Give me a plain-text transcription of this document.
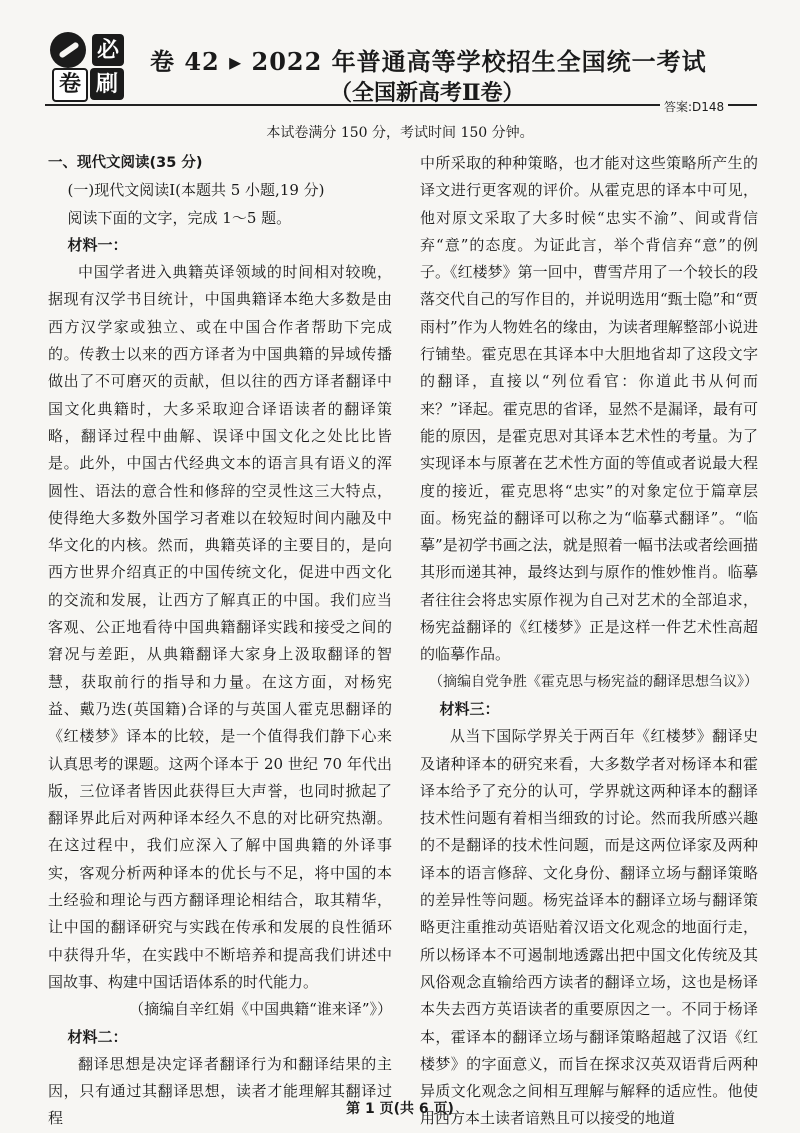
必
卷 刷
卷 42 ▸ 2022 年普通高等学校招生全国统一考试
（全国新高考Ⅱ卷）
答案:D148
本试卷满分 150 分，考试时间 150 分钟。

一、现代文阅读(35 分)

(一)现代文阅读Ⅰ(本题共 5 小题,19 分)

阅读下面的文字，完成 1～5 题。

材料一：

中国学者进入典籍英译领域的时间相对较晚，据现有汉学书目统计，中国典籍译本绝大多数是由西方汉学家或独立、或在中国合作者帮助下完成的。传教士以来的西方译者为中国典籍的异域传播做出了不可磨灭的贡献，但以往的西方译者翻译中国文化典籍时，大多采取迎合译语读者的翻译策略，翻译过程中曲解、误译中国文化之处比比皆是。此外，中国古代经典文本的语言具有语义的浑圆性、语法的意合性和修辞的空灵性这三大特点，使得绝大多数外国学习者难以在较短时间内融及中华文化的内核。然而，典籍英译的主要目的，是向西方世界介绍真正的中国传统文化，促进中西文化的交流和发展，让西方了解真正的中国。我们应当客观、公正地看待中国典籍翻译实践和接受之间的窘况与差距，从典籍翻译大家身上汲取翻译的智慧，获取前行的指导和力量。在这方面，对杨宪益、戴乃迭(英国籍)合译的与英国人霍克思翻译的《红楼梦》译本的比较，是一个值得我们静下心来认真思考的课题。这两个译本于 20 世纪 70 年代出版，三位译者皆因此获得巨大声誉，也同时掀起了翻译界此后对两种译本经久不息的对比研究热潮。在这过程中，我们应深入了解中国典籍的外译事实，客观分析两种译本的优长与不足，将中国的本土经验和理论与西方翻译理论相结合，取其精华，让中国的翻译研究与实践在传承和发展的良性循环中获得升华，在实践中不断培养和提高我们讲述中国故事、构建中国话语体系的时代能力。

（摘编自辛红娟《中国典籍“谁来译”》）

材料二：

翻译思想是决定译者翻译行为和翻译结果的主因，只有通过其翻译思想，读者才能理解其翻译过程

中所采取的种种策略，也才能对这些策略所产生的译文进行更客观的评价。从霍克思的译本中可见，他对原文采取了大多时候“忠实不渝”、间或背信弃“意”的态度。为证此言，举个背信弃“意”的例子。《红楼梦》第一回中，曹雪芹用了一个较长的段落交代自己的写作目的，并说明选用“甄士隐”和“贾雨村”作为人物姓名的缘由，为读者理解整部小说进行铺垫。霍克思在其译本中大胆地省却了这段文字的翻译，直接以“列位看官：你道此书从何而来？”译起。霍克思的省译，显然不是漏译，最有可能的原因，是霍克思对其译本艺术性的考量。为了实现译本与原著在艺术性方面的等值或者说最大程度的接近，霍克思将“忠实”的对象定位于篇章层面。杨宪益的翻译可以称之为“临摹式翻译”。“临摹”是初学书画之法，就是照着一幅书法或者绘画描其形而递其神，最终达到与原作的惟妙惟肖。临摹者往往会将忠实原作视为自己对艺术的全部追求，杨宪益翻译的《红楼梦》正是这样一件艺术性高超的临摹作品。

（摘编自党争胜《霍克思与杨宪益的翻译思想刍议》）

材料三：

从当下国际学界关于两百年《红楼梦》翻译史及诸种译本的研究来看，大多数学者对杨译本和霍译本给予了充分的认可，学界就这两种译本的翻译技术性问题有着相当细致的讨论。然而我所感兴趣的不是翻译的技术性问题，而是这两位译家及两种译本的语言修辞、文化身份、翻译立场与翻译策略的差异性等问题。杨宪益译本的翻译立场与翻译策略更注重推动英语贴着汉语文化观念的地面行走，所以杨译本不可遏制地透露出把中国文化传统及其风俗观念直输给西方读者的翻译立场，这也是杨译本失去西方英语读者的重要原因之一。不同于杨译本，霍译本的翻译立场与翻译策略超越了汉语《红楼梦》的字面意义，而旨在探求汉英双语背后两种异质文化观念之间相互理解与解释的适应性。他使用西方本土读者谙熟且可以接受的地道

第 1 页(共 6 页)
